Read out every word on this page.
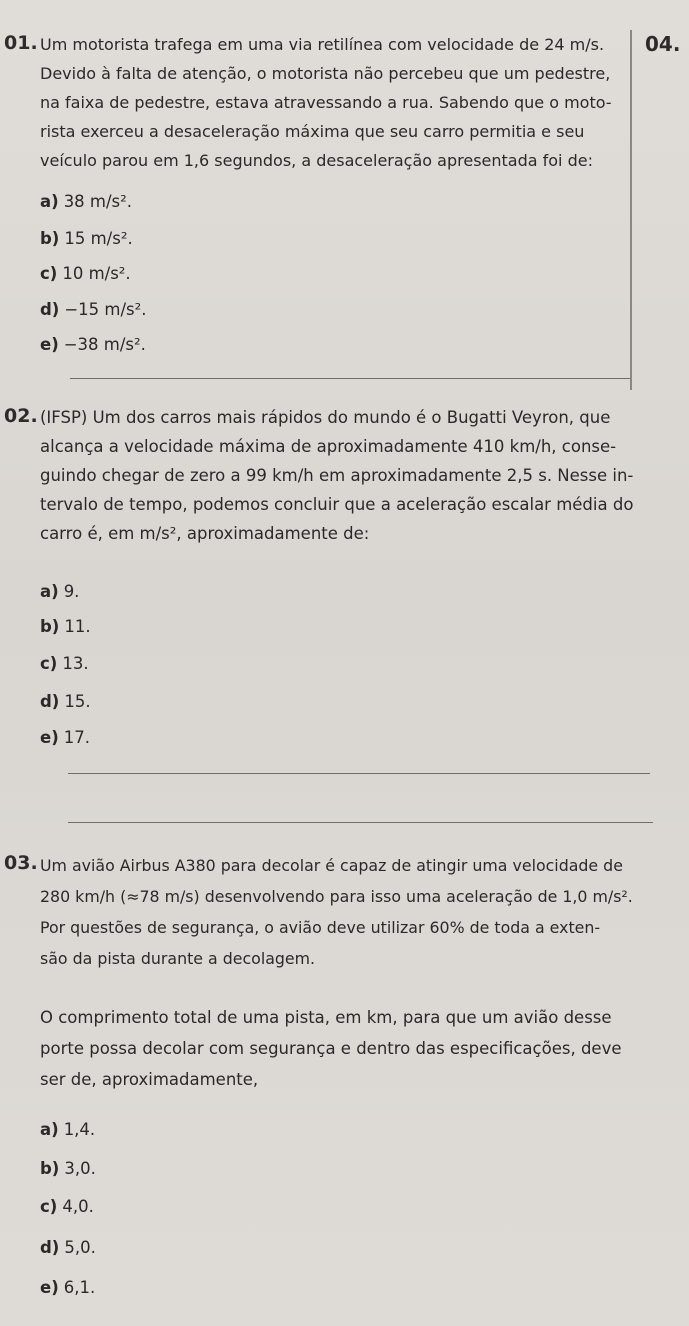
04.
01. Um motorista trafega em uma via retilínea com velocidade de 24 m/s.
Devido à falta de atenção, o motorista não percebeu que um pedestre,
na faixa de pedestre, estava atravessando a rua. Sabendo que o moto-
rista exerceu a desaceleração máxima que seu carro permitia e seu
veículo parou em 1,6 segundos, a desaceleração apresentada foi de:
a) 38 m/s².
b) 15 m/s².
c) 10 m/s².
d) −15 m/s².
e) −38 m/s².
02. (IFSP) Um dos carros mais rápidos do mundo é o Bugatti Veyron, que
alcança a velocidade máxima de aproximadamente 410 km/h, conse-
guindo chegar de zero a 99 km/h em aproximadamente 2,5 s. Nesse in-
tervalo de tempo, podemos concluir que a aceleração escalar média do
carro é, em m/s², aproximadamente de:
a) 9.
b) 11.
c) 13.
d) 15.
e) 17.
03. Um avião Airbus A380 para decolar é capaz de atingir uma velocidade de
280 km/h (≈78 m/s) desenvolvendo para isso uma aceleração de 1,0 m/s².
Por questões de segurança, o avião deve utilizar 60% de toda a exten-
são da pista durante a decolagem.
O comprimento total de uma pista, em km, para que um avião desse
porte possa decolar com segurança e dentro das especificações, deve
ser de, aproximadamente,
a) 1,4.
b) 3,0.
c) 4,0.
d) 5,0.
e) 6,1.
